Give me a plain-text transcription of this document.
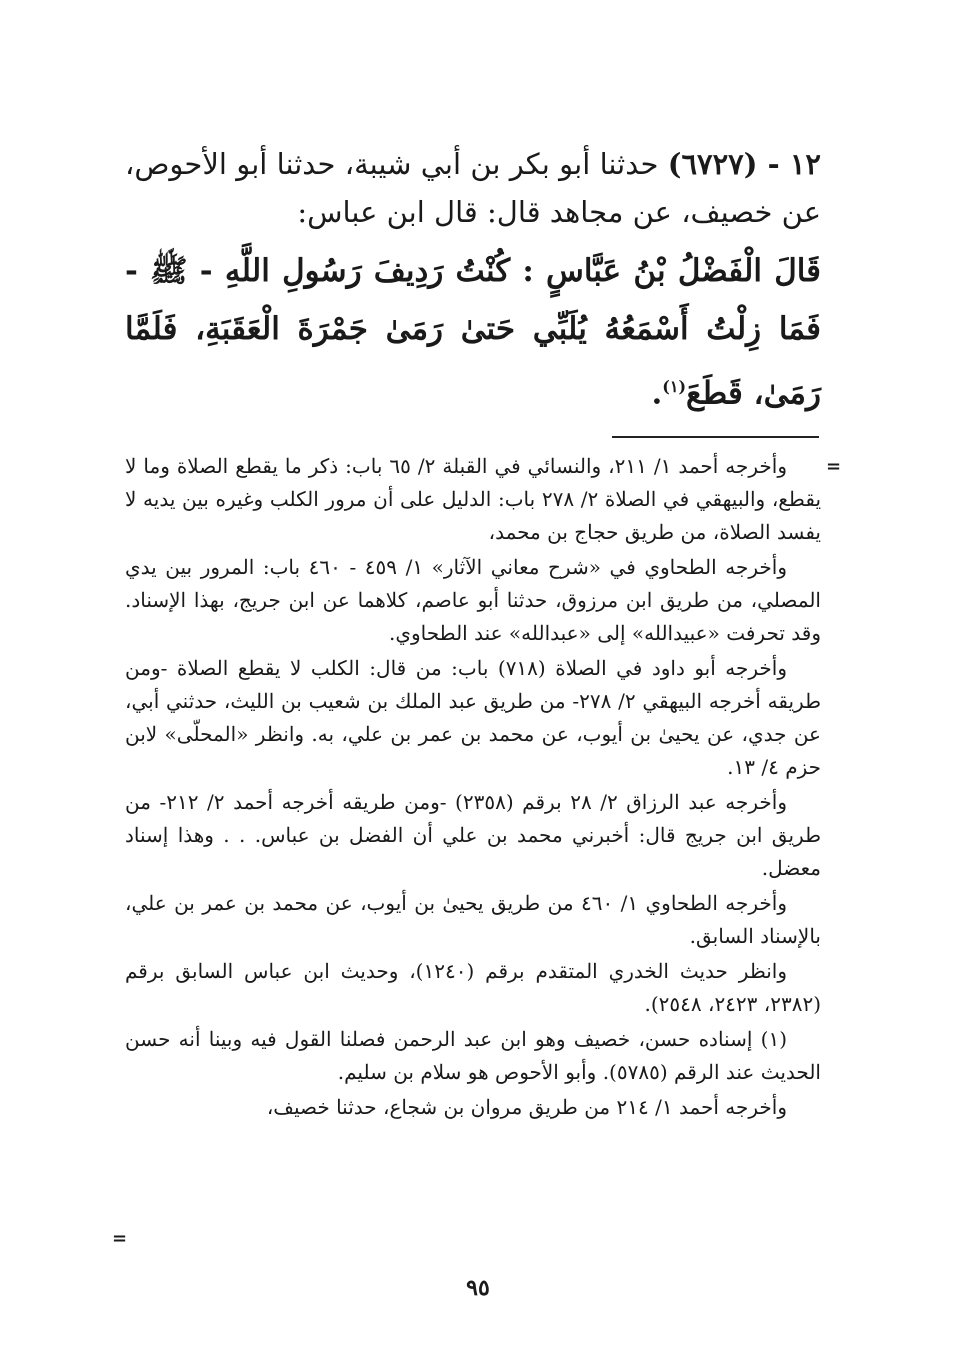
١٢ - (٦٧٢٧) حدثنا أبو بكر بن أبي شيبة، حدثنا أبو الأحوص، عن خصيف، عن مجاهد قال: قال ابن عباس:

قَالَ الْفَضْلُ بْنُ عَبَّاسٍ : كُنْتُ رَدِيفَ رَسُولِ اللَّهِ - ﷺ - فَمَا زِلْتُ أَسْمَعُهُ يُلَبِّي حَتىٰ رَمَىٰ جَمْرَةَ الْعَقَبَةِ، فَلَمَّا رَمَىٰ، قَطَعَ$^{(١)}$.

=

وأخرجه أحمد ١/ ٢١١، والنسائي في القبلة ٢/ ٦٥ باب: ذكر ما يقطع الصلاة وما لا يقطع، والبيهقي في الصلاة ٢/ ٢٧٨ باب: الدليل على أن مرور الكلب وغيره بين يديه لا يفسد الصلاة، من طريق حجاج بن محمد،

وأخرجه الطحاوي في «شرح معاني الآثار» ١/ ٤٥٩ - ٤٦٠ باب: المرور بين يدي المصلي، من طريق ابن مرزوق، حدثنا أبو عاصم، كلاهما عن ابن جريج، بهذا الإسناد. وقد تحرفت «عبيدالله» إلى «عبدالله» عند الطحاوي.

وأخرجه أبو داود في الصلاة (٧١٨) باب: من قال: الكلب لا يقطع الصلاة -ومن طريقه أخرجه البيهقي ٢/ ٢٧٨- من طريق عبد الملك بن شعيب بن الليث، حدثني أبي، عن جدي، عن يحيىٰ بن أيوب، عن محمد بن عمر بن علي، به. وانظر «المحلّى» لابن حزم ٤/ ١٣.

وأخرجه عبد الرزاق ٢/ ٢٨ برقم (٢٣٥٨) -ومن طريقه أخرجه أحمد ٢/ ٢١٢- من طريق ابن جريج قال: أخبرني محمد بن علي أن الفضل بن عباس. . . وهذا إسناد معضل.

وأخرجه الطحاوي ١/ ٤٦٠ من طريق يحيىٰ بن أيوب، عن محمد بن عمر بن علي، بالإسناد السابق.

وانظر حديث الخدري المتقدم برقم (١٢٤٠)، وحديث ابن عباس السابق برقم (٢٣٨٢، ٢٤٢٣، ٢٥٤٨).

(١) إسناده حسن، خصيف وهو ابن عبد الرحمن فصلنا القول فيه وبينا أنه حسن الحديث عند الرقم (٥٧٨٥). وأبو الأحوص هو سلام بن سليم.

وأخرجه أحمد ١/ ٢١٤ من طريق مروان بن شجاع، حدثنا خصيف،

=
٩٥
